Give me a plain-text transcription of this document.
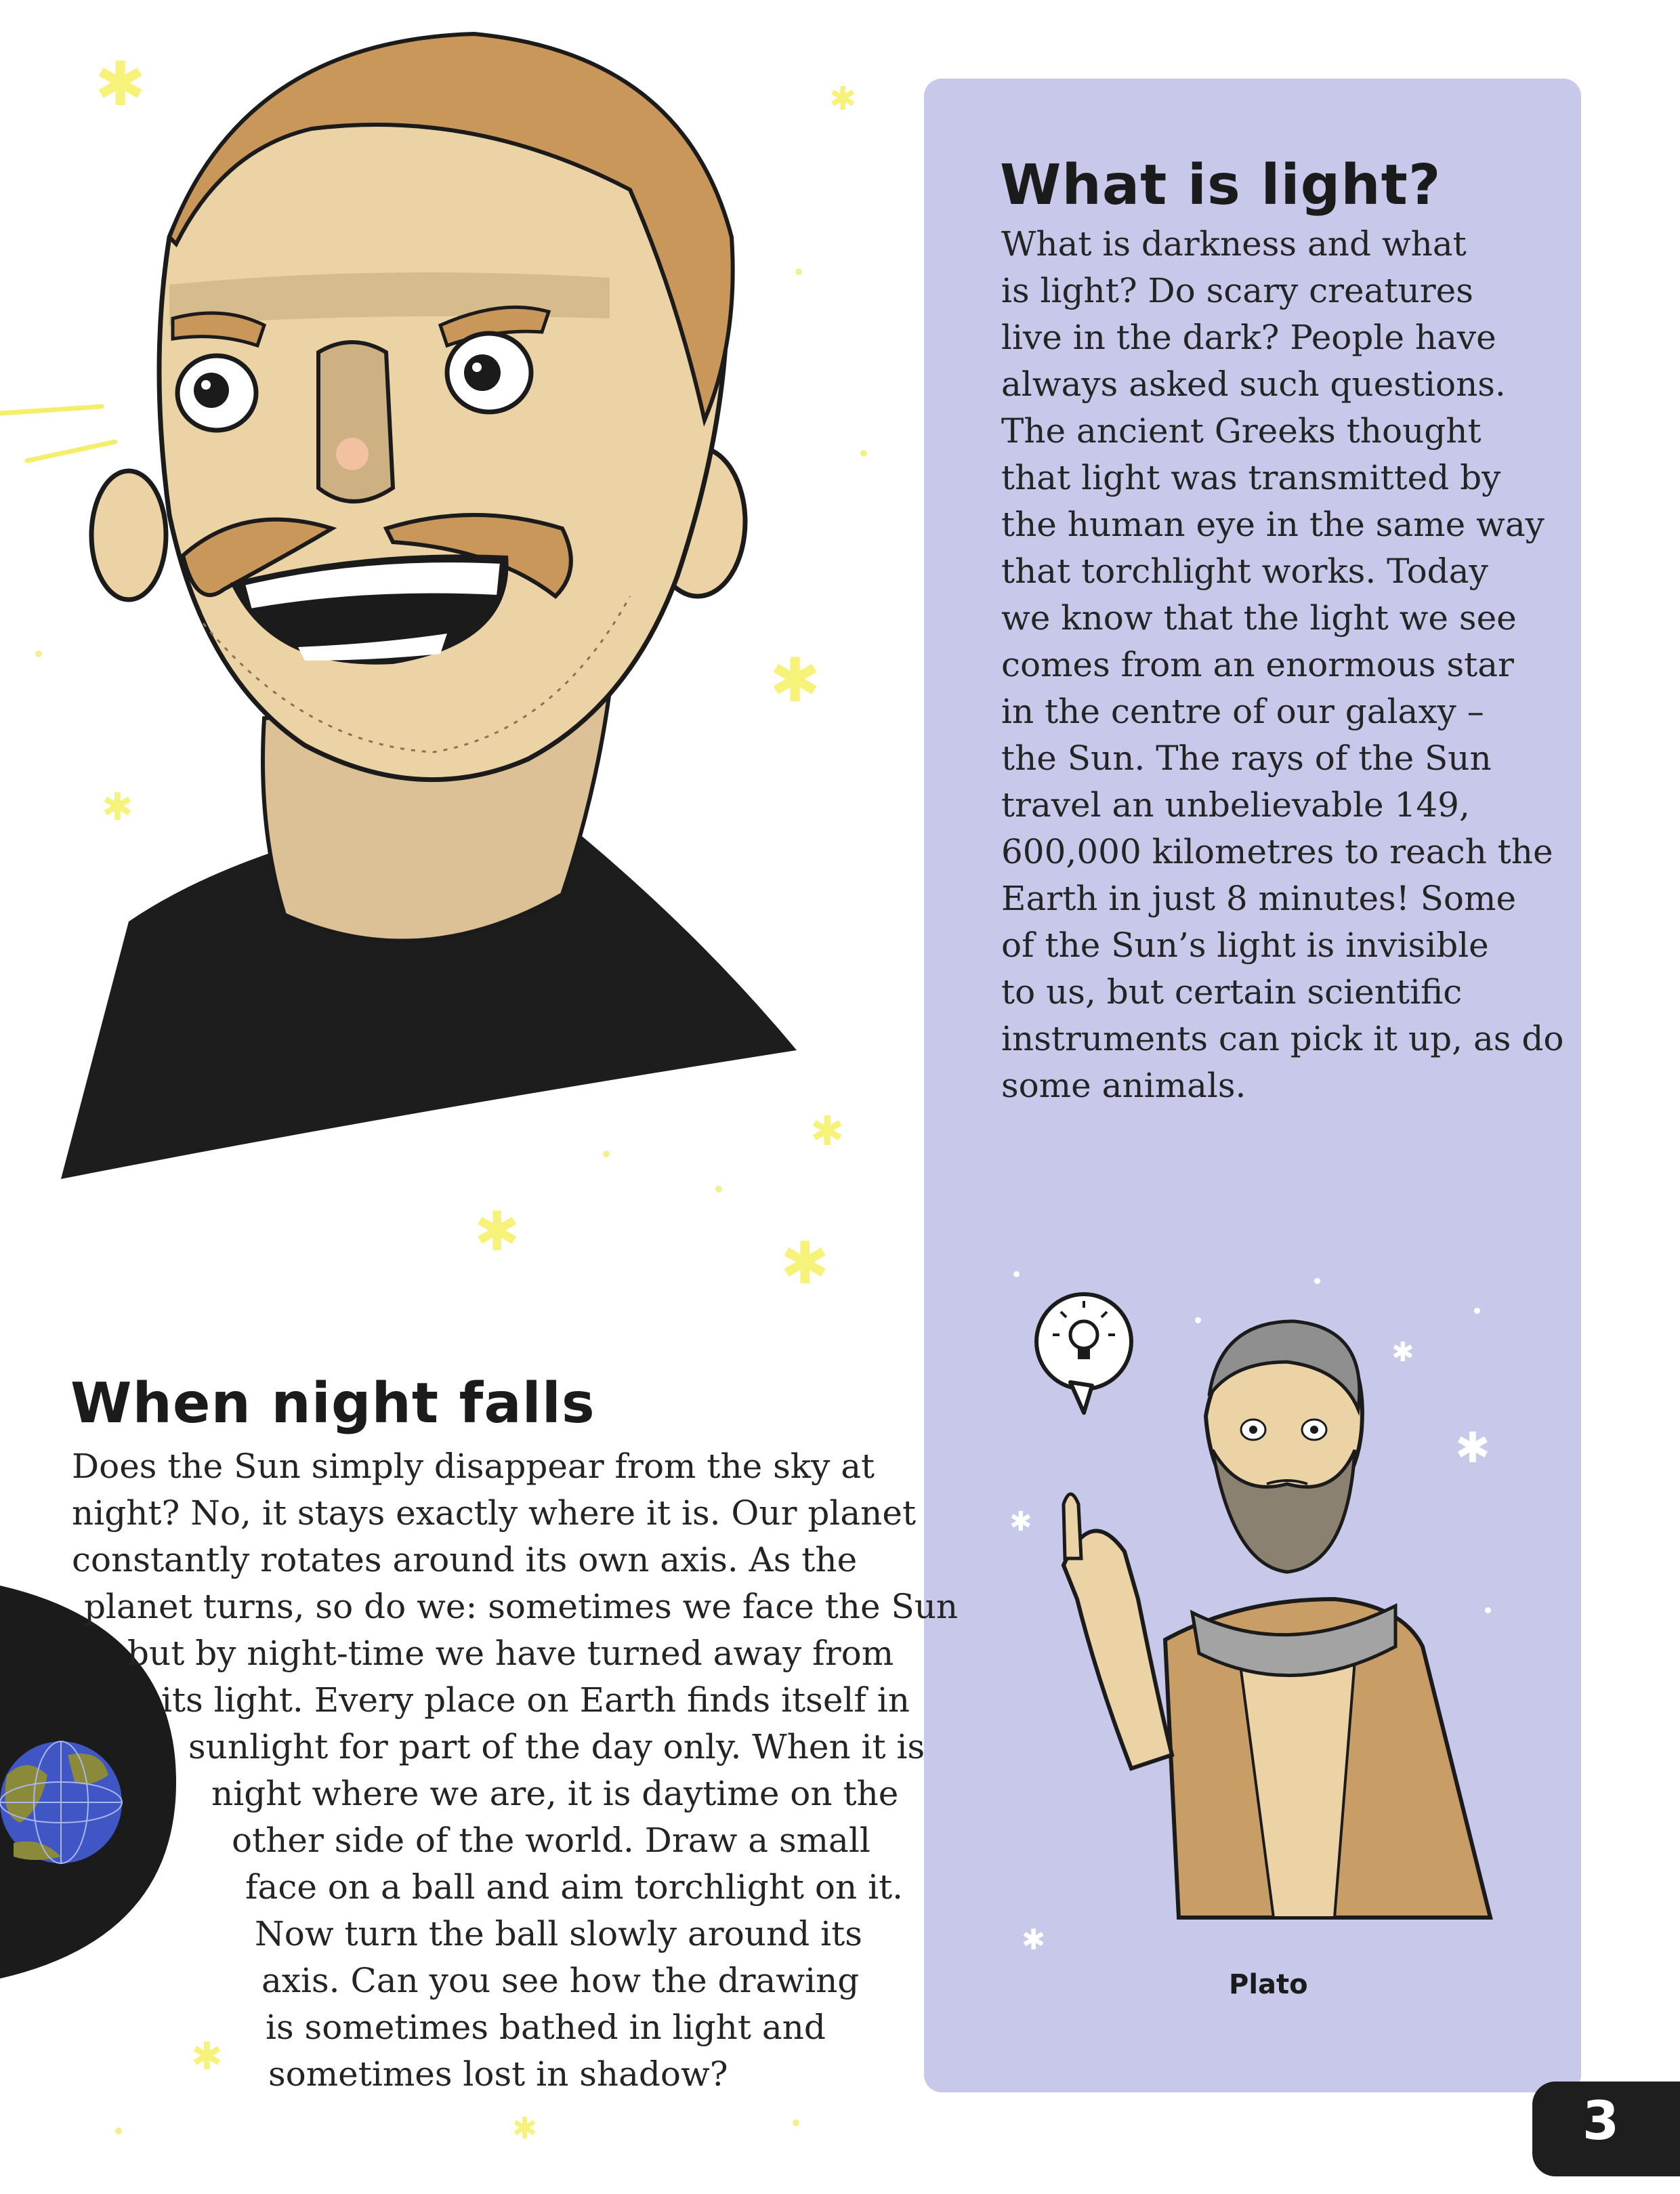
✱	✱
✱
✱
✱
✱	✱
✱
✱
✱
✱
✱
✱
What is light?
What is darkness and what
is light? Do scary creatures
live in the dark? People have
always asked such questions.
The ancient Greeks thought
that light was transmitted by
the human eye in the same way
that torchlight works. Today
we know that the light we see
comes from an enormous star
in the centre of our galaxy –
the Sun. The rays of the Sun
travel an unbelievable 149,
600,000 kilometres to reach the
Earth in just 8 minutes! Some
of the Sun’s light is invisible
to us, but certain scientific
instruments can pick it up, as do
some animals.
Plato
When night falls
Does the Sun simply disappear from the sky at
night? No, it stays exactly where it is. Our planet
constantly rotates around its own axis. As the
planet turns, so do we: sometimes we face the Sun
but by night-time we have turned away from
its light. Every place on Earth finds itself in
sunlight for part of the day only. When it is
night where we are, it is daytime on the
other side of the world. Draw a small
face on a ball and aim torchlight on it.
Now turn the ball slowly around its
axis. Can you see how the drawing
is sometimes bathed in light and
sometimes lost in shadow?
3
